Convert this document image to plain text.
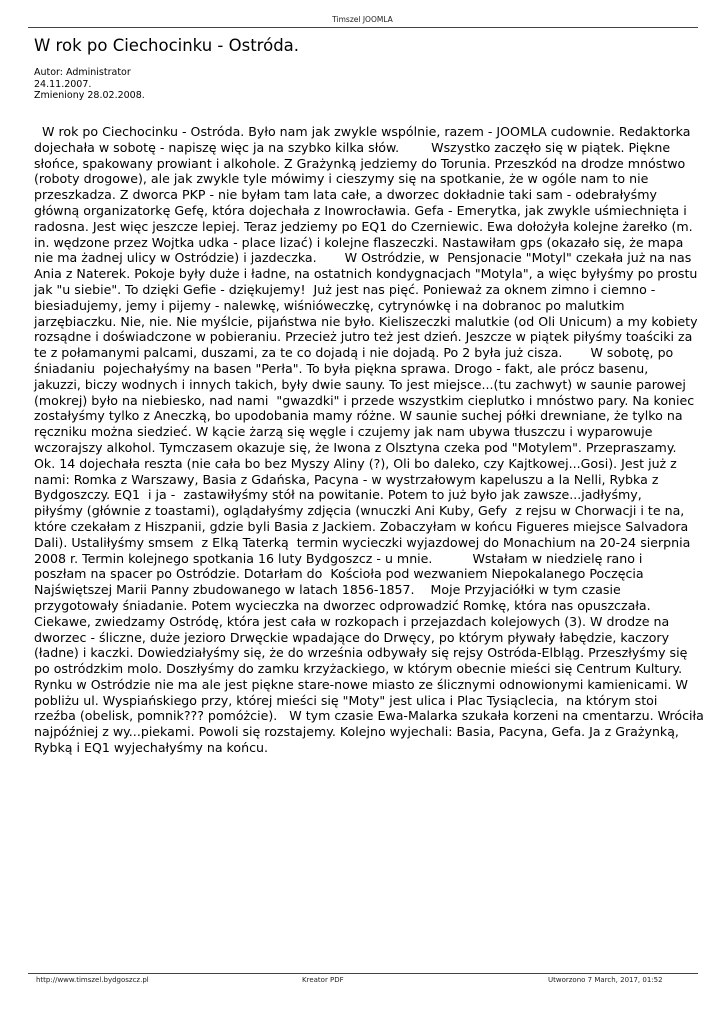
Timszel JOOMLA
W rok po Ciechocinku - Ostróda.
Autor: Administrator
24.11.2007.
Zmieniony 28.02.2008.
W rok po Ciechocinku - Ostróda. Było nam jak zwykle wspólnie, razem - JOOMLA cudownie. Redaktorka
dojechała w sobotę - napiszę więc ja na szybko kilka słów.        Wszystko zaczęło się w piątek. Piękne
słońce, spakowany prowiant i alkohole. Z Grażynką jedziemy do Torunia. Przeszkód na drodze mnóstwo
(roboty drogowe), ale jak zwykle tyle mówimy i cieszymy się na spotkanie, że w ogóle nam to nie
przeszkadza. Z dworca PKP - nie byłam tam lata całe, a dworzec dokładnie taki sam - odebrałyśmy
główną organizatorkę Gefę, która dojechała z Inowrocławia. Gefa - Emerytka, jak zwykle uśmiechnięta i
radosna. Jest więc jeszcze lepiej. Teraz jedziemy po EQ1 do Czerniewic. Ewa dołożyła kolejne żarełko (m.
in. wędzone przez Wojtka udka - place lizać) i kolejne flaszeczki. Nastawiłam gps (okazało się, że mapa
nie ma żadnej ulicy w Ostródzie) i jazdeczka.       W Ostródzie, w  Pensjonacie "Motyl" czekała już na nas
Ania z Naterek. Pokoje były duże i ładne, na ostatnich kondygnacjach "Motyla", a więc byłyśmy po prostu
jak "u siebie". To dzięki Gefie - dziękujemy!  Już jest nas pięć. Ponieważ za oknem zimno i ciemno -
biesiadujemy, jemy i pijemy - nalewkę, wiśnióweczkę, cytrynówkę i na dobranoc po malutkim
jarzębiaczku. Nie, nie. Nie myślcie, pijaństwa nie było. Kieliszeczki malutkie (od Oli Unicum) a my kobiety
rozsądne i doświadczone w pobieraniu. Przecież jutro też jest dzień. Jeszcze w piątek piłyśmy toaściki za
te z połamanymi palcami, duszami, za te co dojadą i nie dojadą. Po 2 była już cisza.       W sobotę, po
śniadaniu  pojechałyśmy na basen "Perła". To była piękna sprawa. Drogo - fakt, ale prócz basenu,
jakuzzi, biczy wodnych i innych takich, były dwie sauny. To jest miejsce...(tu zachwyt) w saunie parowej
(mokrej) było na niebiesko, nad nami  "gwazdki" i przede wszystkim cieplutko i mnóstwo pary. Na koniec
zostałyśmy tylko z Aneczką, bo upodobania mamy różne. W saunie suchej półki drewniane, że tylko na
ręczniku można siedzieć. W kącie żarzą się węgle i czujemy jak nam ubywa tłuszczu i wyparowuje
wczorajszy alkohol. Tymczasem okazuje się, że Iwona z Olsztyna czeka pod "Motylem". Przepraszamy.
Ok. 14 dojechała reszta (nie cała bo bez Myszy Aliny (?), Oli bo daleko, czy Kajtkowej...Gosi). Jest już z
nami: Romka z Warszawy, Basia z Gdańska, Pacyna - w wystrzałowym kapeluszu a la Nelli, Rybka z
Bydgoszczy. EQ1  i ja -  zastawiłyśmy stół na powitanie. Potem to już było jak zawsze...jadłyśmy,
piłyśmy (głównie z toastami), oglądałyśmy zdjęcia (wnuczki Ani Kuby, Gefy  z rejsu w Chorwacji i te na,
które czekałam z Hiszpanii, gdzie byli Basia z Jackiem. Zobaczyłam w końcu Figueres miejsce Salvadora
Dali). Ustaliłyśmy smsem  z Elką Taterką  termin wycieczki wyjazdowej do Monachium na 20-24 sierpnia
2008 r. Termin kolejnego spotkania 16 luty Bydgoszcz - u mnie.          Wstałam w niedzielę rano i
poszłam na spacer po Ostródzie. Dotarłam do  Kościoła pod wezwaniem Niepokalanego Poczęcia
Najświętszej Marii Panny zbudowanego w latach 1856-1857.    Moje Przyjaciółki w tym czasie
przygotowały śniadanie. Potem wycieczka na dworzec odprowadzić Romkę, która nas opuszczała.
Ciekawe, zwiedzamy Ostródę, która jest cała w rozkopach i przejazdach kolejowych (3). W drodze na
dworzec - śliczne, duże jezioro Drwęckie wpadające do Drwęcy, po którym pływały łabędzie, kaczory
(ładne) i kaczki. Dowiedziałyśmy się, że do września odbywały się rejsy Ostróda-Elbląg. Przeszłyśmy się
po ostródzkim molo. Doszłyśmy do zamku krzyżackiego, w którym obecnie mieści się Centrum Kultury.
Rynku w Ostródzie nie ma ale jest piękne stare-nowe miasto ze ślicznymi odnowionymi kamienicami. W
pobliżu ul. Wyspiańskiego przy, której mieści się "Moty" jest ulica i Plac Tysiąclecia,  na którym stoi
rzeźba (obelisk, pomnik??? pomóżcie).   W tym czasie Ewa-Malarka szukała korzeni na cmentarzu. Wróciła
najpóźniej z wy...piekami. Powoli się rozstajemy. Kolejno wyjechali: Basia, Pacyna, Gefa. Ja z Grażynką,
Rybką i EQ1 wyjechałyśmy na końcu.
http://www.timszel.bydgoszcz.pl	Kreator PDF	Utworzono 7 March, 2017, 01:52
